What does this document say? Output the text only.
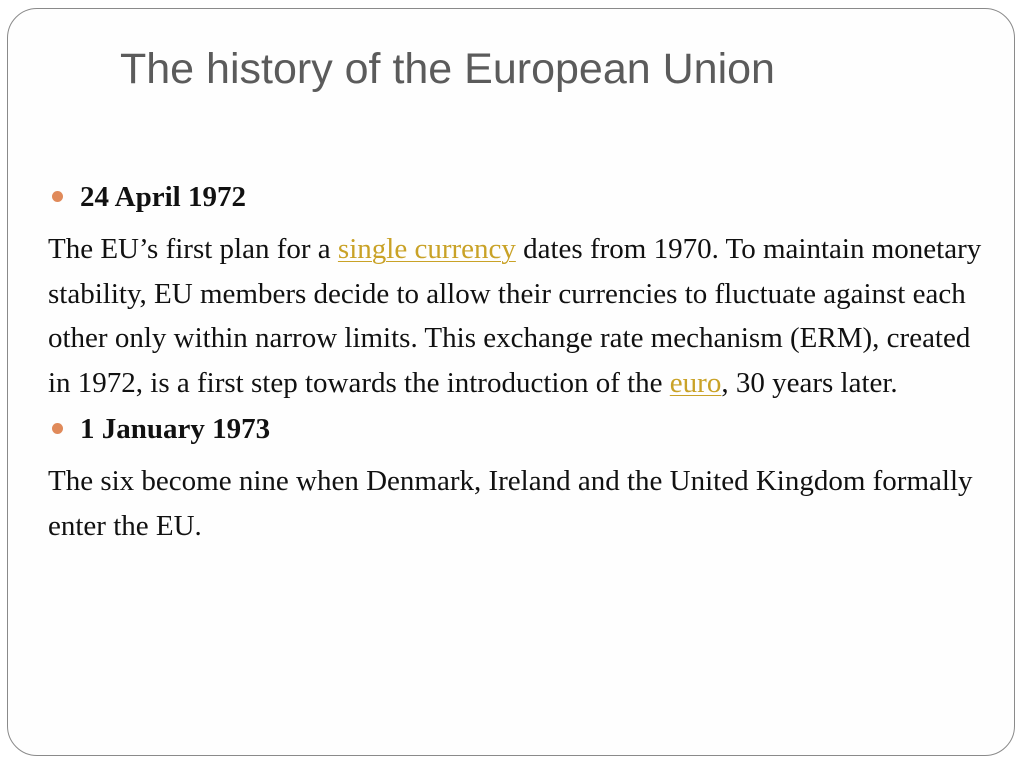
The history of the European Union
24 April 1972

The EU’s first plan for a single currency dates from 1970. To maintain monetary stability, EU members decide to allow their currencies to fluctuate against each other only within narrow limits. This exchange rate mechanism (ERM), created in 1972, is a first step towards the introduction of the euro, 30 years later.

1 January 1973

The six become nine when Denmark, Ireland and the United Kingdom formally enter the EU.
